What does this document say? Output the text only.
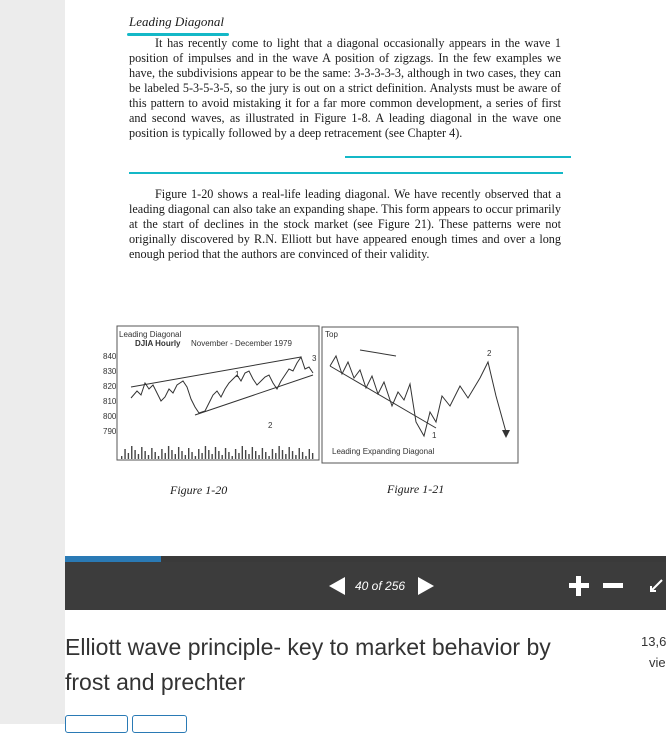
Leading Diagonal

It has recently come to light that a diagonal occasionally appears in the wave 1 position of impulses and in the wave A position of zigzags. In the few examples we have, the subdivisions appear to be the same: 3-3-3-3-3, although in two cases, they can be labeled 5-3-5-3-5, so the jury is out on a strict definition. Analysts must be aware of this pattern to avoid mistaking it for a far more common development, a series of first and second waves, as illustrated in Figure 1-8. A leading diagonal in the wave one position is typically followed by a deep retracement (see Chapter 4).

Figure 1-20 shows a real-life leading diagonal. We have recently observed that a leading diagonal can also take an expanding shape. This form appears to occur primarily at the start of declines in the stock market (see Figure 21). These patterns were not originally discovered by R.N. Elliott but have appeared enough times and over a long enough period that the authors are convinced of their validity.

Leading Diagonal
DJIA Hourly November - December 1979
840
830
820
810
800
790
1
2
3
Figure 1-20
Top
1
2
Leading Expanding Diagonal
Figure 1-21
40 of 256
Elliott wave principle- key to market behavior by frost and prechter
13,6
vie
